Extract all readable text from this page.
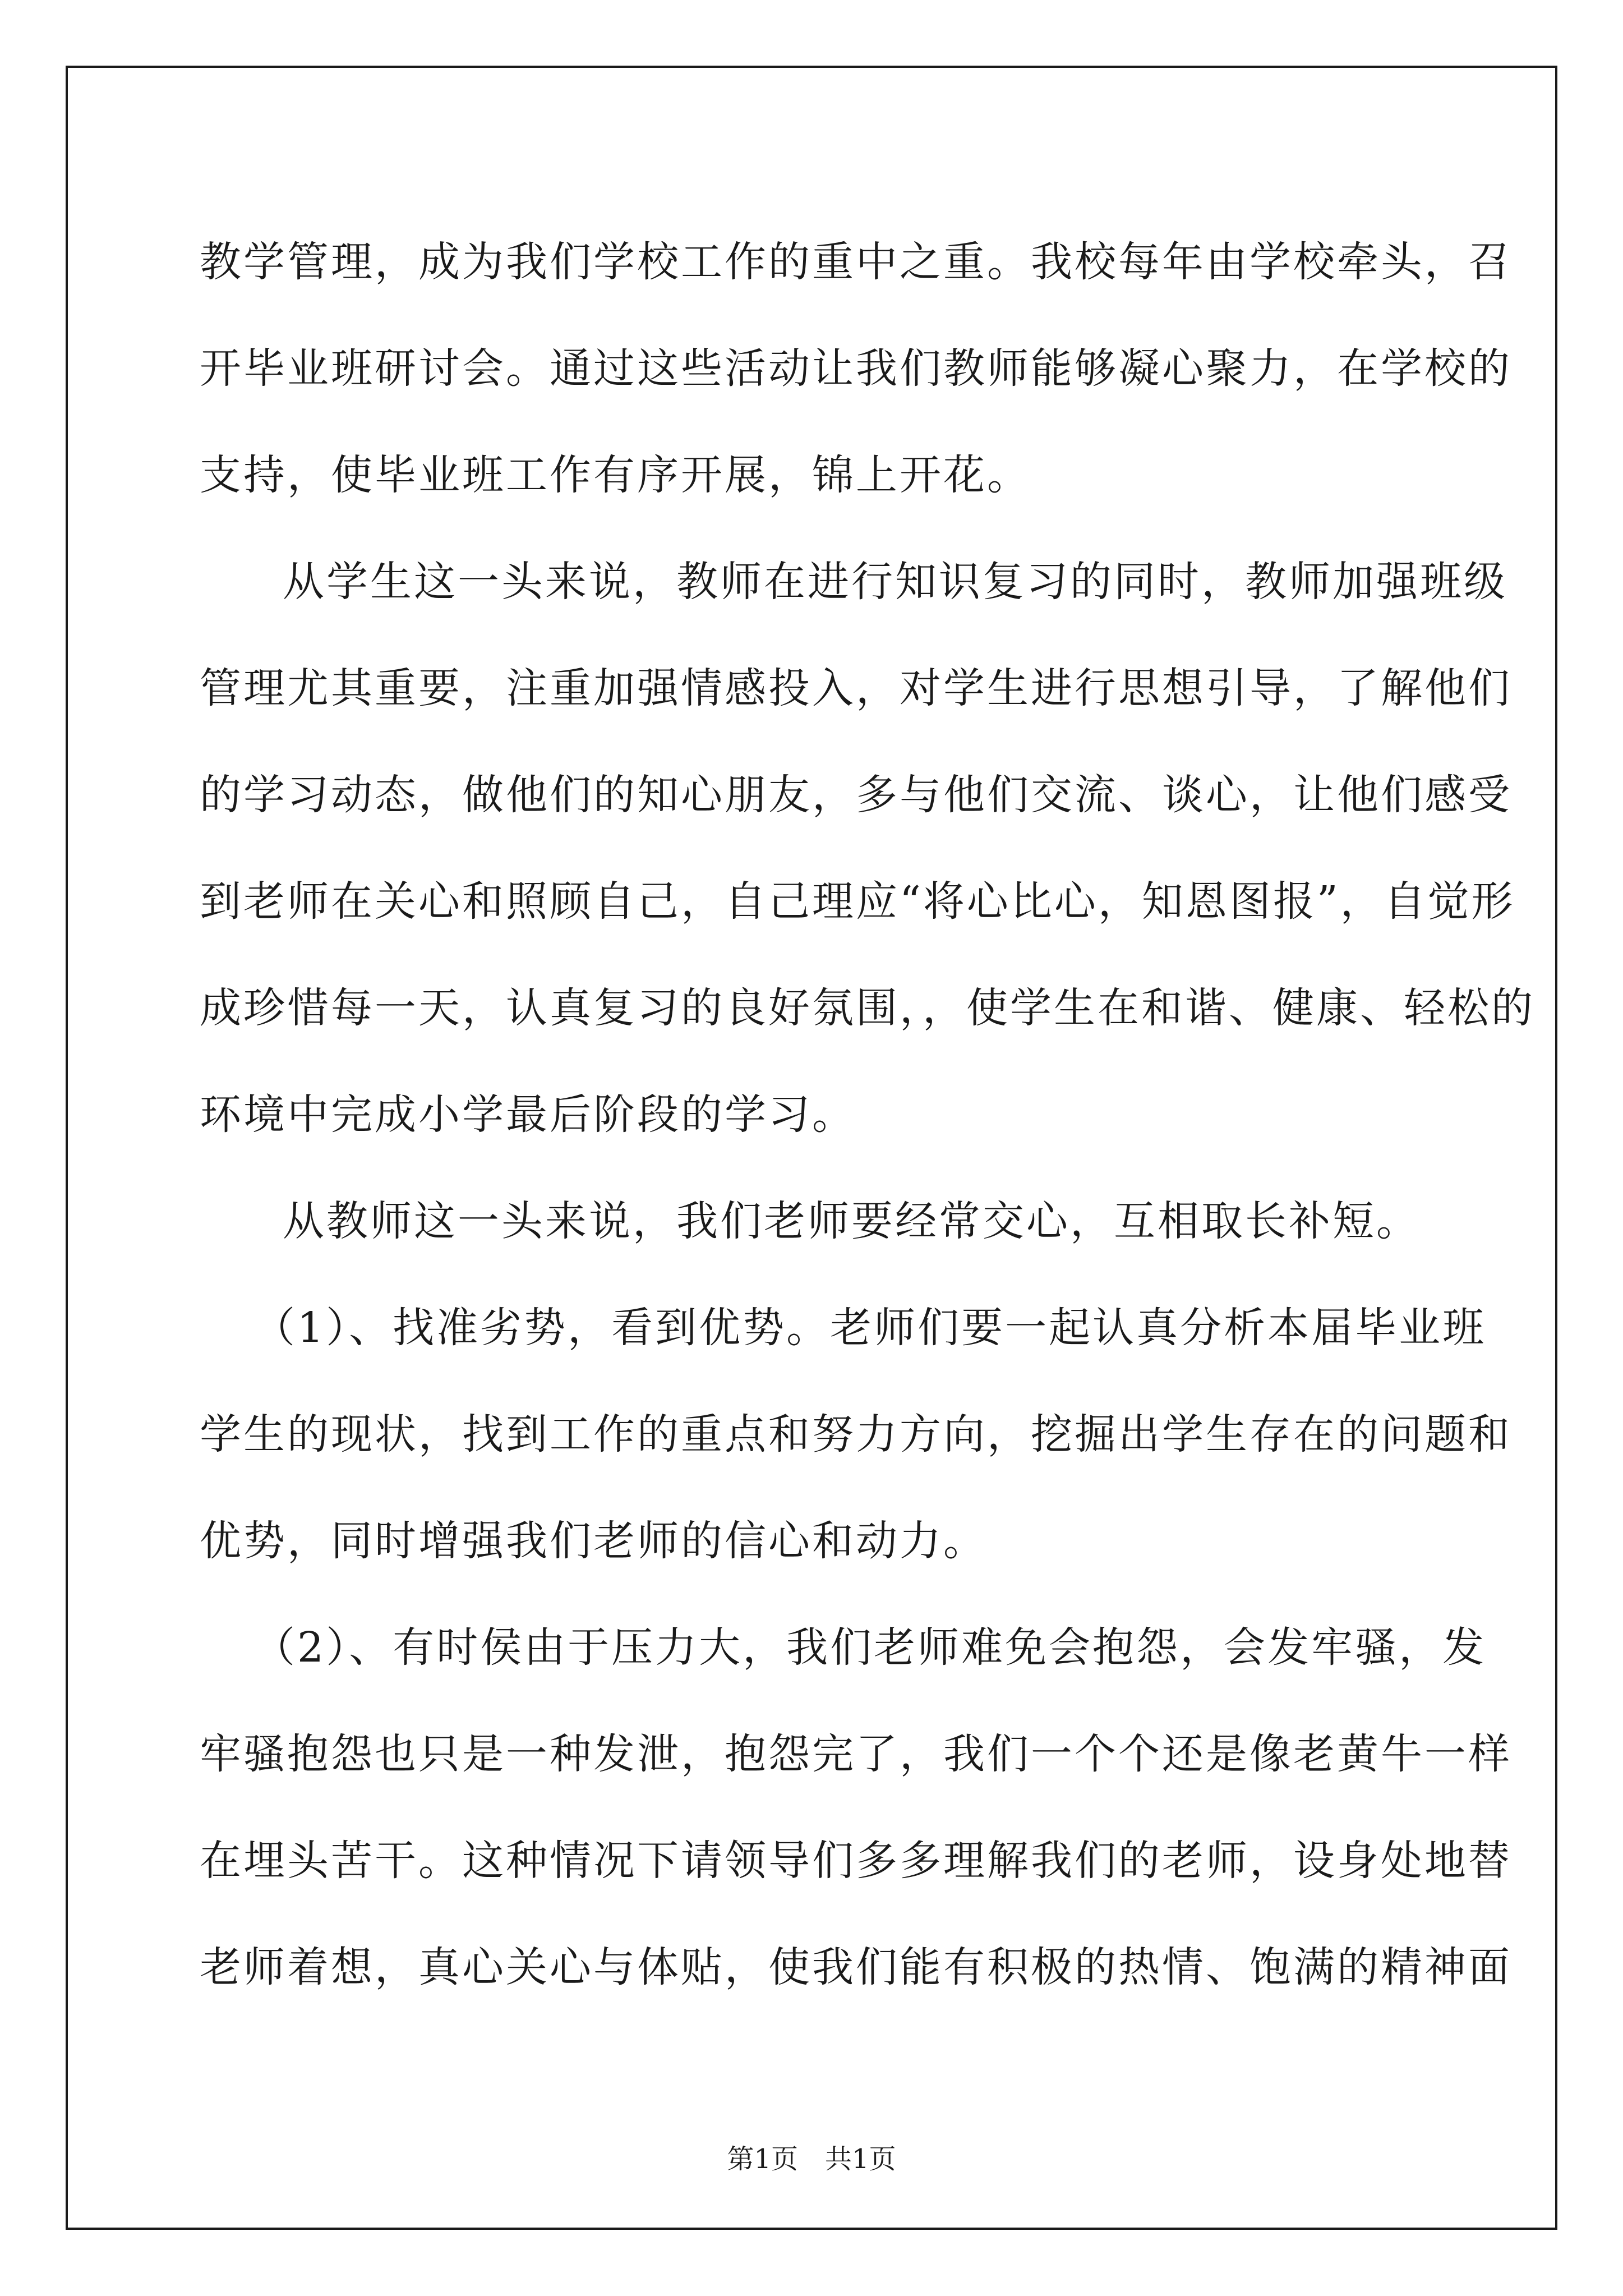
教学管理，成为我们学校工作的重中之重。我校每年由学校牵头，召
开毕业班研讨会。通过这些活动让我们教师能够凝心聚力，在学校的
支持，使毕业班工作有序开展，锦上开花。

从学生这一头来说，教师在进行知识复习的同时，教师加强班级
管理尤其重要，注重加强情感投入，对学生进行思想引导，了解他们
的学习动态，做他们的知心朋友，多与他们交流、谈心，让他们感受
到老师在关心和照顾自己，自己理应“将心比心，知恩图报”，自觉形
成珍惜每一天，认真复习的良好氛围，，使学生在和谐、健康、轻松的
环境中完成小学最后阶段的学习。

从教师这一头来说，我们老师要经常交心，互相取长补短。

（1）、找准劣势，看到优势。老师们要一起认真分析本届毕业班
学生的现状，找到工作的重点和努力方向，挖掘出学生存在的问题和
优势，同时增强我们老师的信心和动力。

（2）、有时侯由于压力大，我们老师难免会抱怨，会发牢骚，发
牢骚抱怨也只是一种发泄，抱怨完了，我们一个个还是像老黄牛一样
在埋头苦干。这种情况下请领导们多多理解我们的老师，设身处地替
老师着想，真心关心与体贴，使我们能有积极的热情、饱满的精神面

第1页　共1页
